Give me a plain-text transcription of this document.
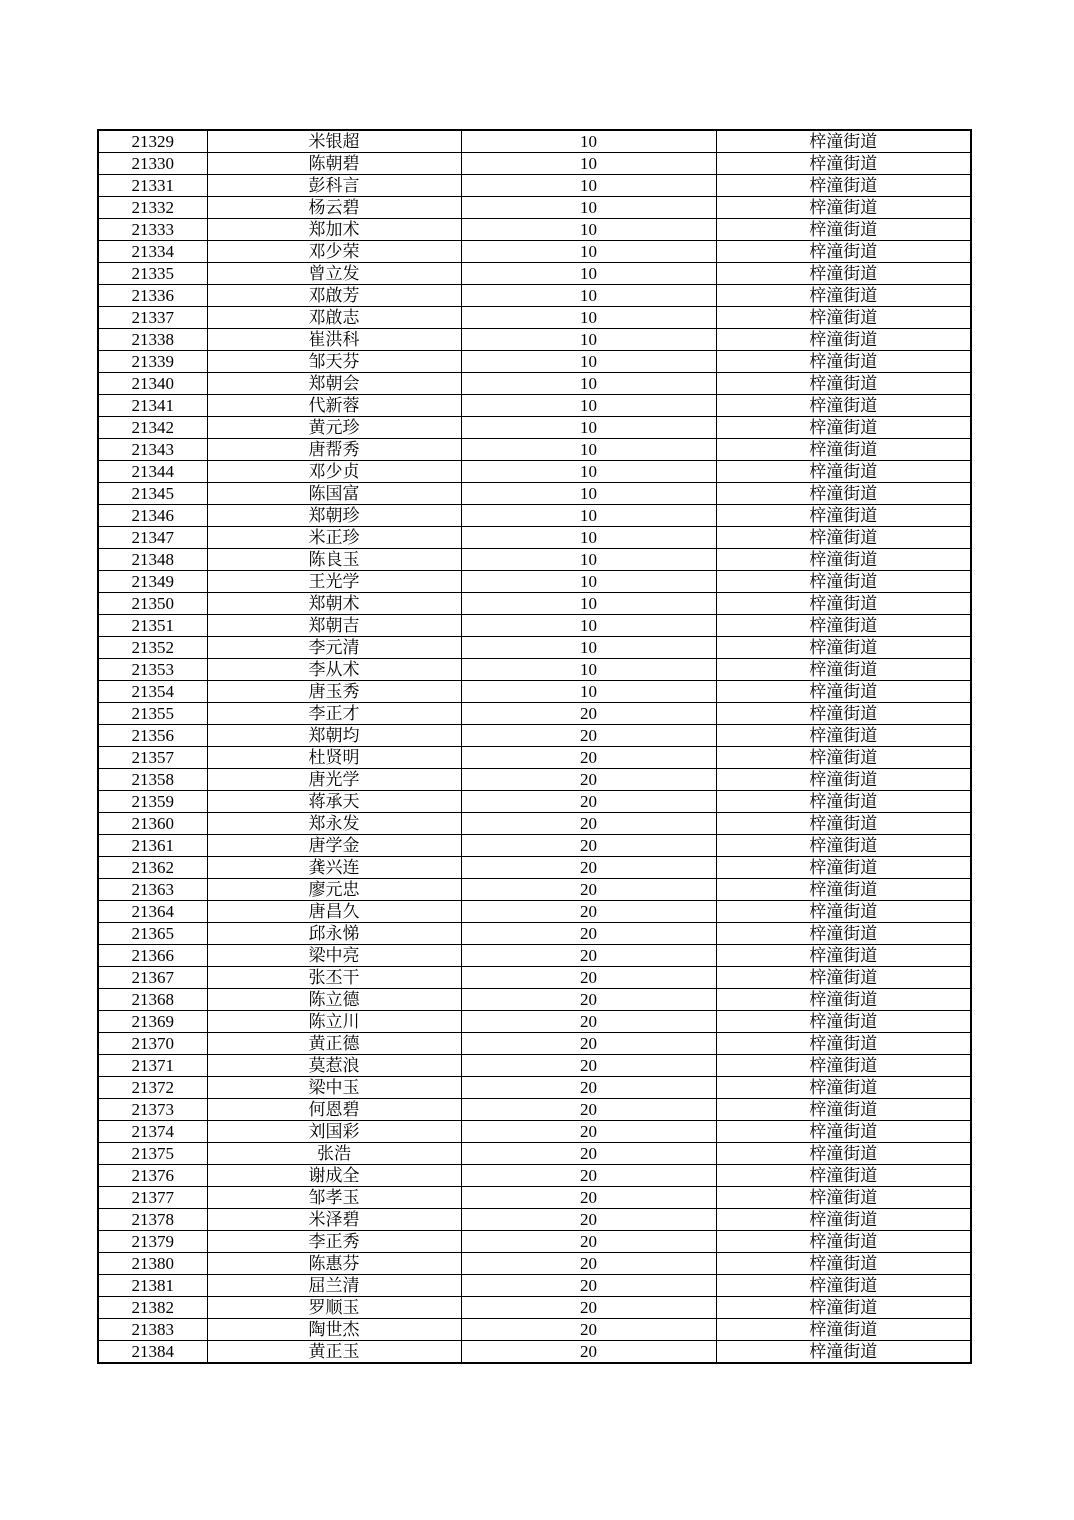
21329	米银超	10	梓潼街道
21330	陈朝碧	10	梓潼街道
21331	彭科言	10	梓潼街道
21332	杨云碧	10	梓潼街道
21333	郑加术	10	梓潼街道
21334	邓少荣	10	梓潼街道
21335	曾立发	10	梓潼街道
21336	邓啟芳	10	梓潼街道
21337	邓啟志	10	梓潼街道
21338	崔洪科	10	梓潼街道
21339	邹天芬	10	梓潼街道
21340	郑朝会	10	梓潼街道
21341	代新蓉	10	梓潼街道
21342	黄元珍	10	梓潼街道
21343	唐帮秀	10	梓潼街道
21344	邓少贞	10	梓潼街道
21345	陈国富	10	梓潼街道
21346	郑朝珍	10	梓潼街道
21347	米正珍	10	梓潼街道
21348	陈良玉	10	梓潼街道
21349	王光学	10	梓潼街道
21350	郑朝术	10	梓潼街道
21351	郑朝吉	10	梓潼街道
21352	李元清	10	梓潼街道
21353	李从术	10	梓潼街道
21354	唐玉秀	10	梓潼街道
21355	李正才	20	梓潼街道
21356	郑朝均	20	梓潼街道
21357	杜贤明	20	梓潼街道
21358	唐光学	20	梓潼街道
21359	蒋承天	20	梓潼街道
21360	郑永发	20	梓潼街道
21361	唐学金	20	梓潼街道
21362	龚兴连	20	梓潼街道
21363	廖元忠	20	梓潼街道
21364	唐昌久	20	梓潼街道
21365	邱永悌	20	梓潼街道
21366	梁中亮	20	梓潼街道
21367	张丕干	20	梓潼街道
21368	陈立德	20	梓潼街道
21369	陈立川	20	梓潼街道
21370	黄正德	20	梓潼街道
21371	莫惹浪	20	梓潼街道
21372	梁中玉	20	梓潼街道
21373	何恩碧	20	梓潼街道
21374	刘国彩	20	梓潼街道
21375	张浩	20	梓潼街道
21376	谢成全	20	梓潼街道
21377	邹孝玉	20	梓潼街道
21378	米泽碧	20	梓潼街道
21379	李正秀	20	梓潼街道
21380	陈惠芬	20	梓潼街道
21381	屈兰清	20	梓潼街道
21382	罗顺玉	20	梓潼街道
21383	陶世杰	20	梓潼街道
21384	黄正玉	20	梓潼街道
